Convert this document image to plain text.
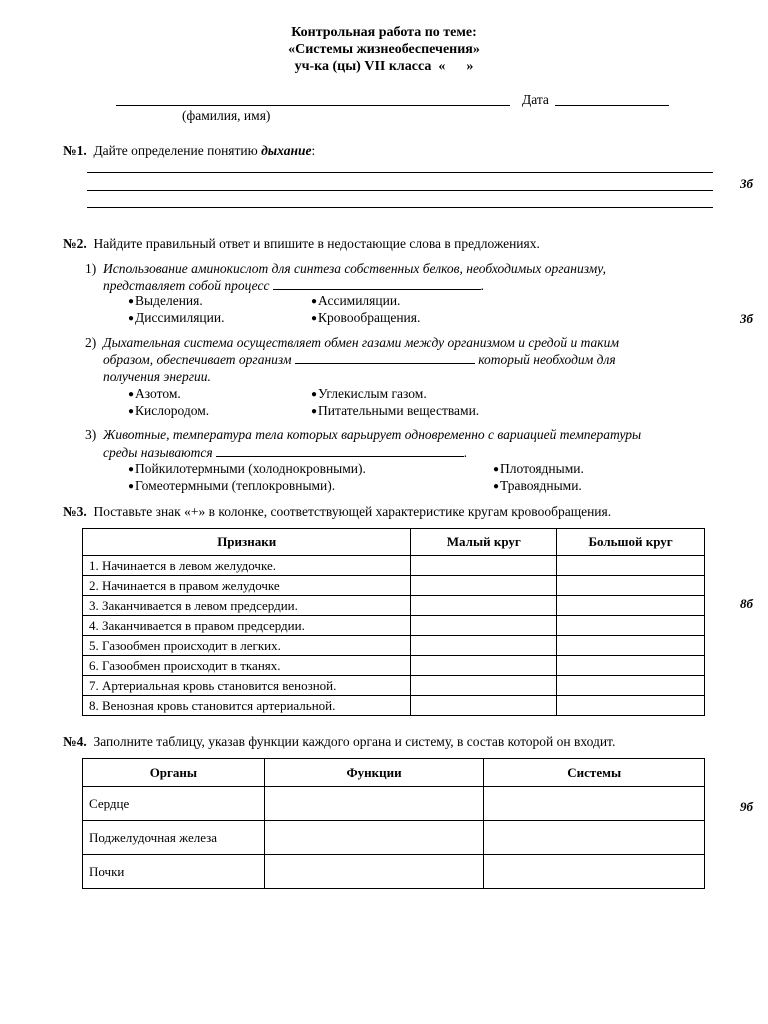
Контрольная работа по теме:
«Системы жизнеобеспечения»
уч-ка (цы) VII класса  «      »
Дата
(фамилия, имя)
№1. Дайте определение понятию дыхание:
3б
№2. Найдите правильный ответ и впишите в недостающие слова в предложениях.
1) Использование аминокислот для синтеза собственных белков, необходимых организму,
представляет собой процесс	.
● Выделения.	● Ассимиляции.
● Диссимиляции.	● Кровообращения.	3б
2) Дыхательная система осуществляет обмен газами между организмом и средой и таким
образом, обеспечивает организм	который необходим для
получения энергии.
● Азотом.	● Углекислым газом.
● Кислородом.	● Питательными веществами.
3) Животные, температура тела которых варьирует одновременно с вариацией температуры
среды называются	.
● Пойкилотермными (холоднокровными).	● Плотоядными.
● Гомеотермными (теплокровными).	● Травоядными.
№3. Поставьте знак «+» в колонке, соответствующей характеристике кругам кровообращения.
Признаки	Малый круг	Большой круг
1. Начинается в левом желудочке.		
2. Начинается в правом желудочке		
3. Заканчивается в левом предсердии.		
4. Заканчивается в правом предсердии.		
5. Газообмен происходит в легких.		
6. Газообмен происходит в тканях.		
7. Артериальная кровь становится венозной.		
8. Венозная кровь становится артериальной.		
8б
№4. Заполните таблицу, указав функции каждого органа и систему, в состав которой он входит.
Органы	Функции	Системы
Сердце		
Поджелудочная железа		
Почки		
9б
